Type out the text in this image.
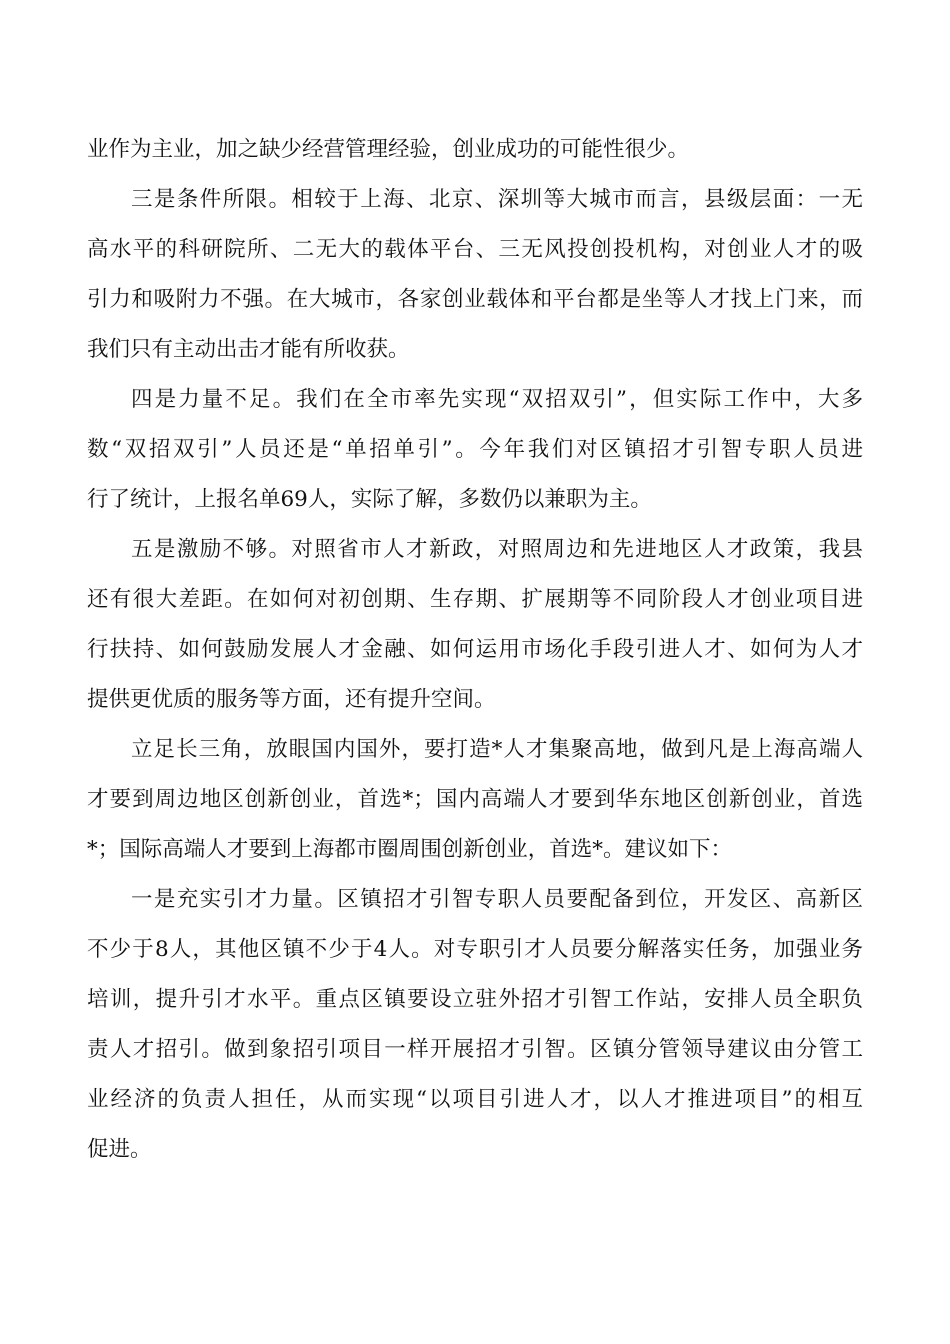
业作为主业，加之缺少经营管理经验，创业成功的可能性很少。
三是条件所限。相较于上海、北京、深圳等大城市而言，县级层面：一无
高水平的科研院所、二无大的载体平台、三无风投创投机构，对创业人才的吸
引力和吸附力不强。在大城市，各家创业载体和平台都是坐等人才找上门来，而
我们只有主动出击才能有所收获。
四是力量不足。我们在全市率先实现“双招双引”，但实际工作中，大多
数“双招双引”人员还是“单招单引”。今年我们对区镇招才引智专职人员进
行了统计，上报名单69人，实际了解，多数仍以兼职为主。
五是激励不够。对照省市人才新政，对照周边和先进地区人才政策，我县
还有很大差距。在如何对初创期、生存期、扩展期等不同阶段人才创业项目进
行扶持、如何鼓励发展人才金融、如何运用市场化手段引进人才、如何为人才
提供更优质的服务等方面，还有提升空间。
立足长三角，放眼国内国外，要打造*人才集聚高地，做到凡是上海高端人
才要到周边地区创新创业，首选*；国内高端人才要到华东地区创新创业，首选
*；国际高端人才要到上海都市圈周围创新创业，首选*。建议如下：
一是充实引才力量。区镇招才引智专职人员要配备到位，开发区、高新区
不少于8人，其他区镇不少于4人。对专职引才人员要分解落实任务，加强业务
培训，提升引才水平。重点区镇要设立驻外招才引智工作站，安排人员全职负
责人才招引。做到象招引项目一样开展招才引智。区镇分管领导建议由分管工
业经济的负责人担任，从而实现“以项目引进人才，以人才推进项目”的相互
促进。
